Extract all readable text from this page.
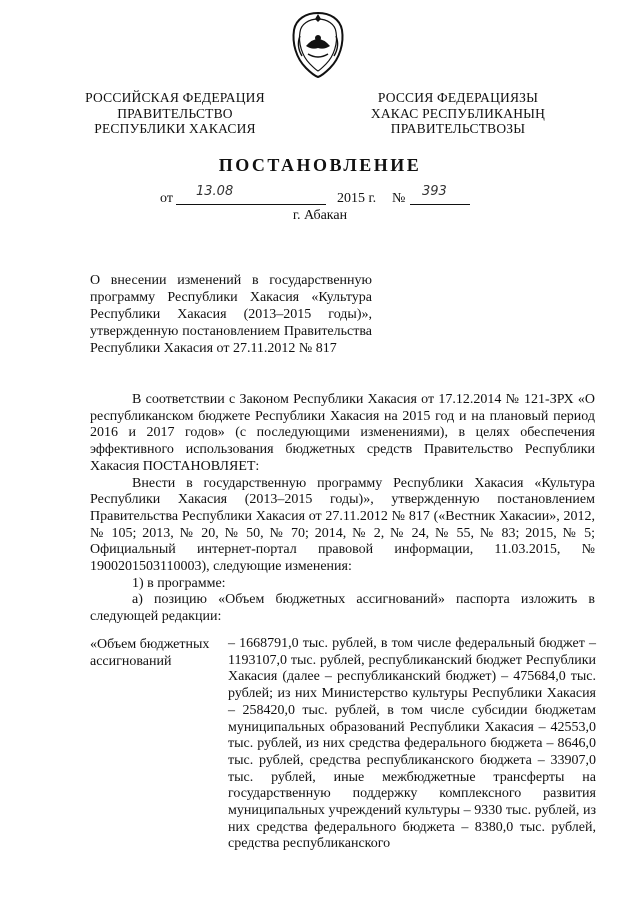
РОССИЙСКАЯ ФЕДЕРАЦИЯ
ПРАВИТЕЛЬСТВО
РЕСПУБЛИКИ ХАКАСИЯ
РОССИЯ ФЕДЕРАЦИЯЗЫ
ХАКАС РЕСПУБЛИКАНЫҢ
ПРАВИТЕЛЬСТВОЗЫ
ПОСТАНОВЛЕНИЕ
от 13.08	2015 г. № 393
г. Абакан
О внесении изменений в государственную программу Республики Хакасия «Культура Республики Хакасия (2013–2015 годы)», утвержденную постановлением Правительства Республики Хакасия от 27.11.2012 № 817

В соответствии с Законом Республики Хакасия от 17.12.2014 № 121-ЗРХ «О республиканском бюджете Республики Хакасия на 2015 год и на плановый период 2016 и 2017 годов» (с последующими изменениями), в целях обеспечения эффективного использования бюджетных средств Правительство Республики Хакасия ПОСТАНОВЛЯЕТ:

Внести в государственную программу Республики Хакасия «Культура Республики Хакасия (2013–2015 годы)», утвержденную постановлением Правительства Республики Хакасия от 27.11.2012 № 817 («Вестник Хакасии», 2012, № 105; 2013, № 20, № 50, № 70; 2014, № 2, № 24, № 55, № 83; 2015, № 5; Официальный интернет-портал правовой информации, 11.03.2015, № 1900201503110003), следующие изменения:

1) в программе:

а) позицию «Объем бюджетных ассигнований» паспорта изложить в следующей редакции:

«Объем бюджетных ассигнований
– 1668791,0 тыс. рублей, в том числе федеральный бюджет – 1193107,0 тыс. рублей, республиканский бюджет Республики Хакасия (далее – республиканский бюджет) – 475684,0 тыс. рублей; из них Министерство культуры Республики Хакасия – 258420,0 тыс. рублей, в том числе субсидии бюджетам муниципальных образований Республики Хакасия – 42553,0 тыс. рублей, из них средства федерального бюджета – 8646,0 тыс. рублей, средства республиканского бюджета – 33907,0 тыс. рублей, иные межбюджетные трансферты на государственную поддержку комплексного развития муниципальных учреждений культуры – 9330 тыс. рублей, из них средства федерального бюджета – 8380,0 тыс. рублей, средства республиканского
